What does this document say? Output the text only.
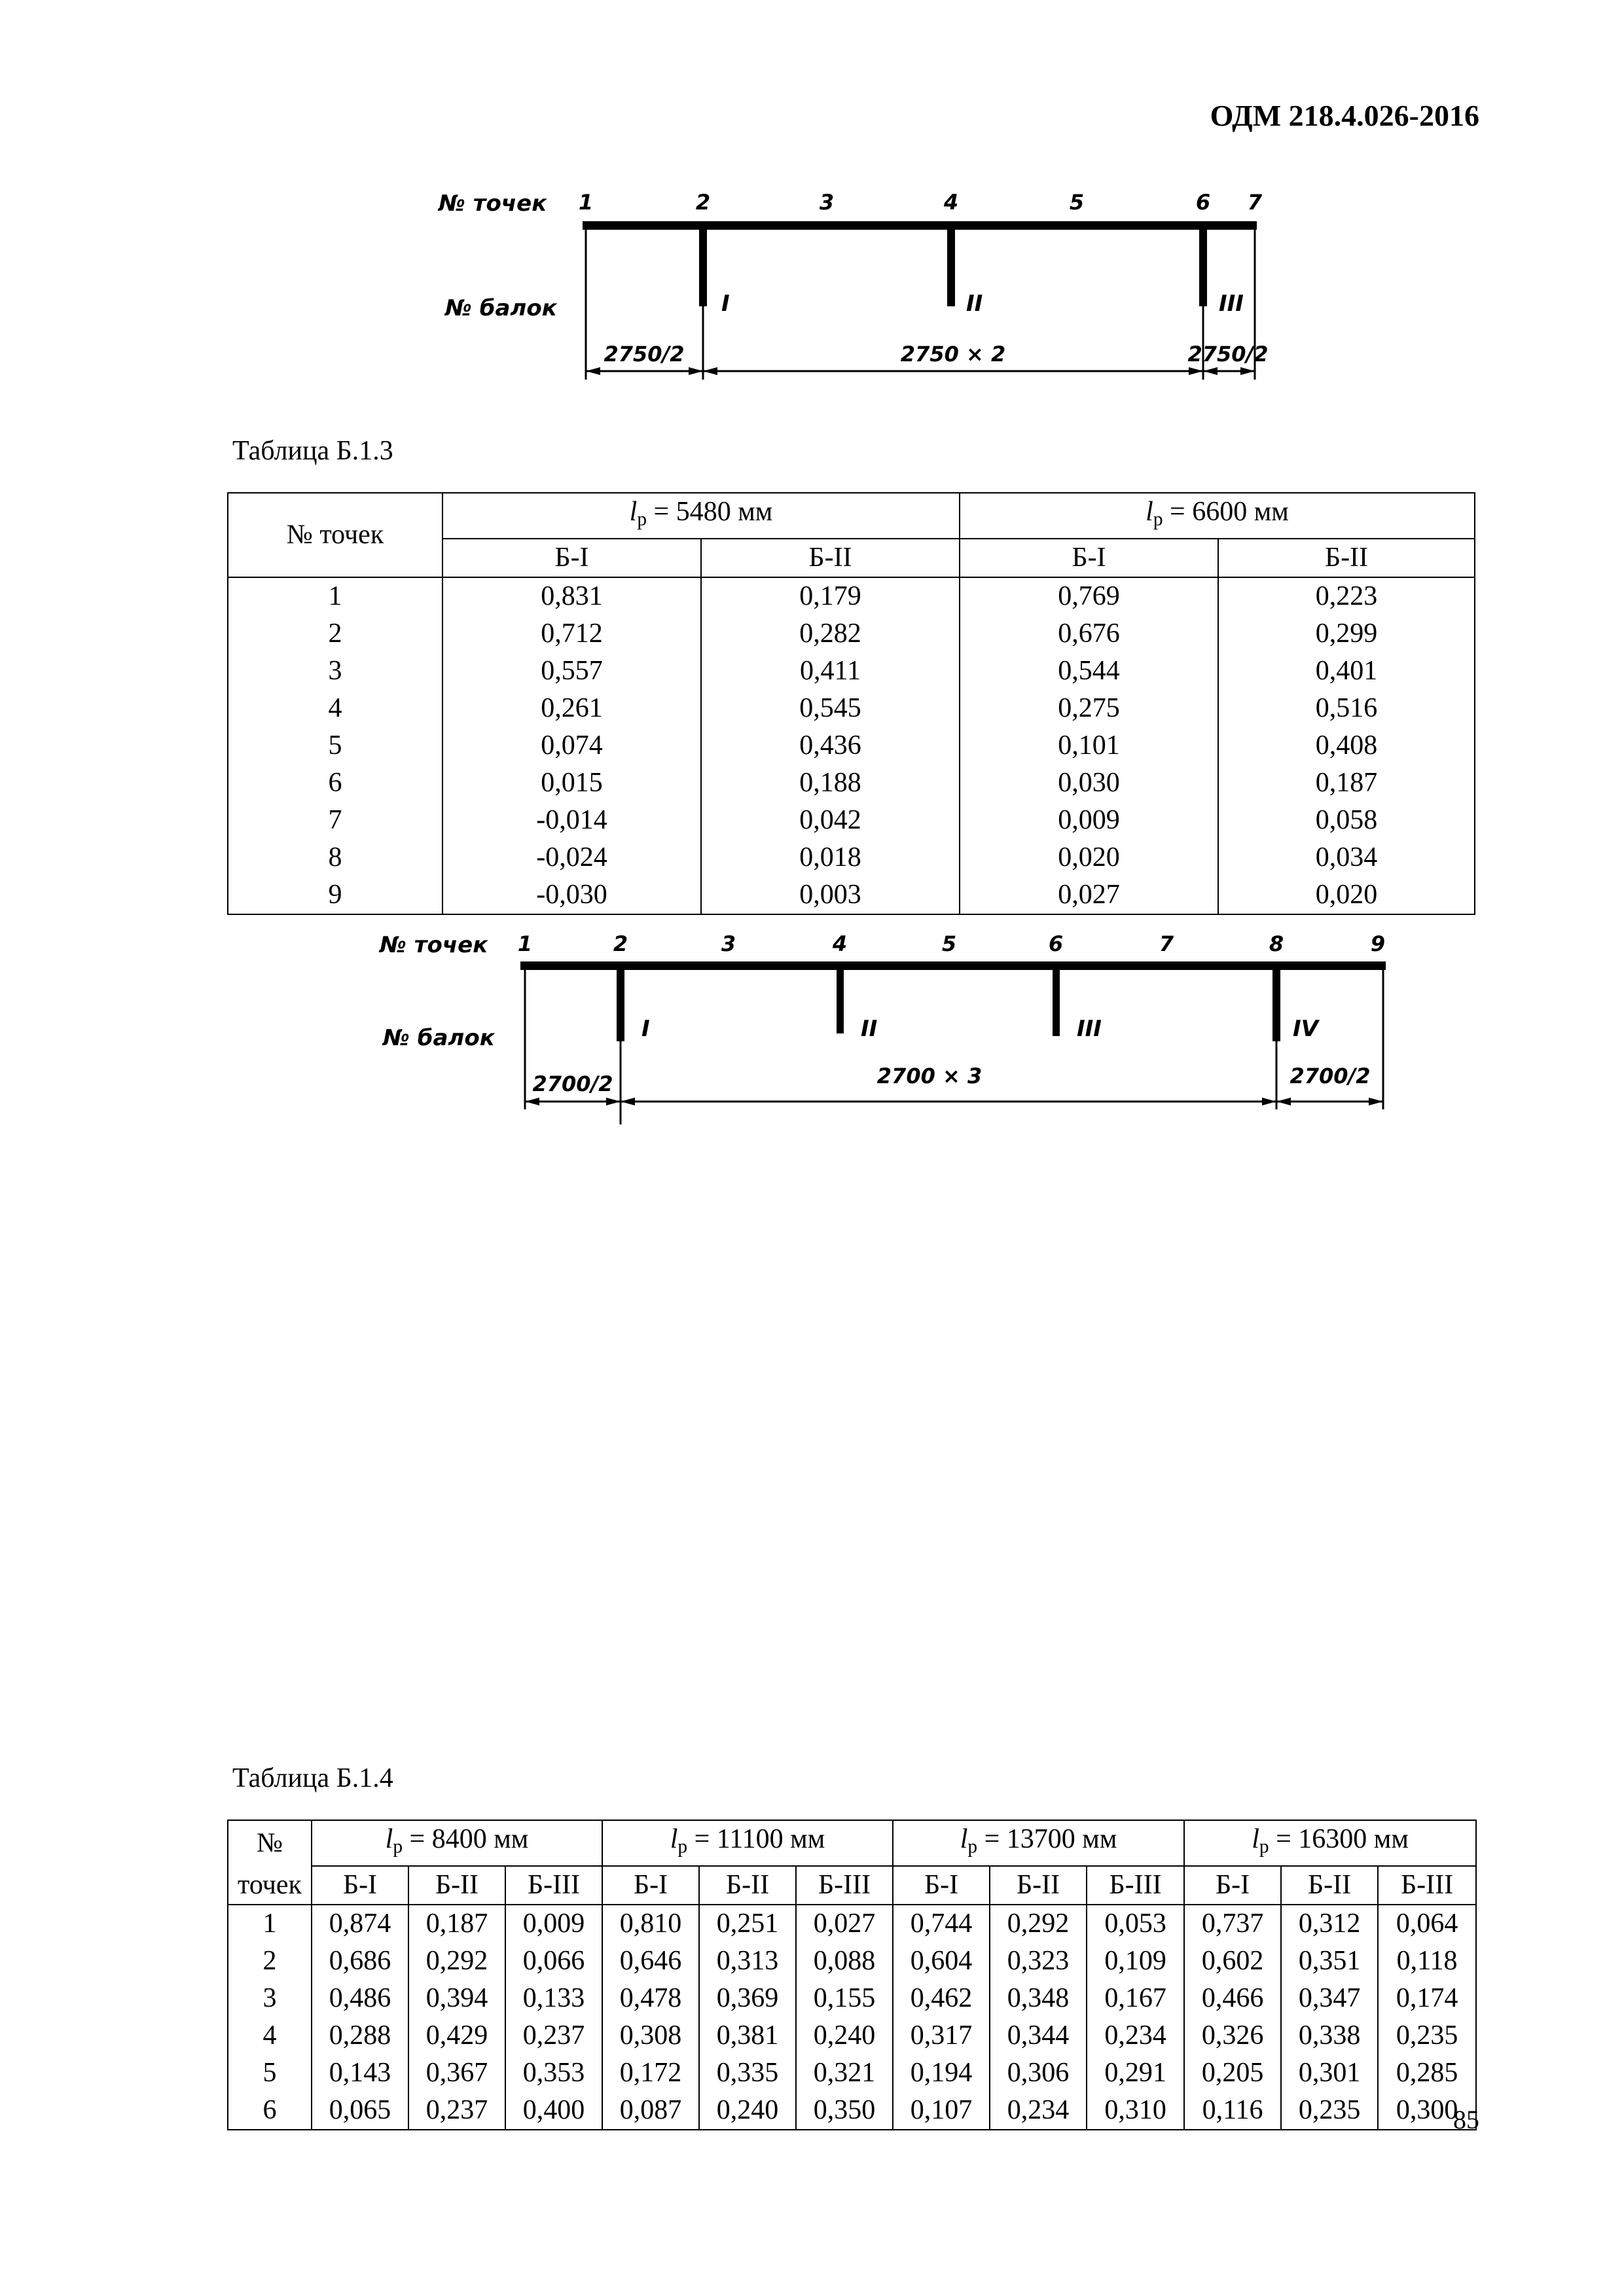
ОДМ 218.4.026-2016
№ точек
№ балок
1	2	3	4	5	6 7
I	II	III
2750/2	2750 × 2	2750/2
Таблица Б.1.3
№ точек	$l_р = 5480$ мм		$l_р = 6600$ мм	
	Б-I	Б-II	Б-I	Б-II
1	0,831	0,179	0,769	0,223
2	0,712	0,282	0,676	0,299
3	0,557	0,411	0,544	0,401
4	0,261	0,545	0,275	0,516
5	0,074	0,436	0,101	0,408
6	0,015	0,188	0,030	0,187
7	-0,014	0,042	0,009	0,058
8	-0,024	0,018	0,020	0,034
9	-0,030	0,003	0,027	0,020
№ точек
№ балок
1	2	3	4	5	6	7	8	9
I	II	III	IV
2700/2	2700 × 3	2700/2
Таблица Б.1.4
№	$l_р = 8400$ мм			$l_р = 11100$ мм			$l_р = 13700$ мм			$l_р = 16300$ мм		
точек	Б-I	Б-II	Б-III	Б-I	Б-II	Б-III	Б-I	Б-II	Б-III	Б-I	Б-II	Б-III
1	0,874	0,187	0,009	0,810	0,251	0,027	0,744	0,292	0,053	0,737	0,312	0,064
2	0,686	0,292	0,066	0,646	0,313	0,088	0,604	0,323	0,109	0,602	0,351	0,118
3	0,486	0,394	0,133	0,478	0,369	0,155	0,462	0,348	0,167	0,466	0,347	0,174
4	0,288	0,429	0,237	0,308	0,381	0,240	0,317	0,344	0,234	0,326	0,338	0,235
5	0,143	0,367	0,353	0,172	0,335	0,321	0,194	0,306	0,291	0,205	0,301	0,285
6	0,065	0,237	0,400	0,087	0,240	0,350	0,107	0,234	0,310	0,116	0,235	0,300
85
